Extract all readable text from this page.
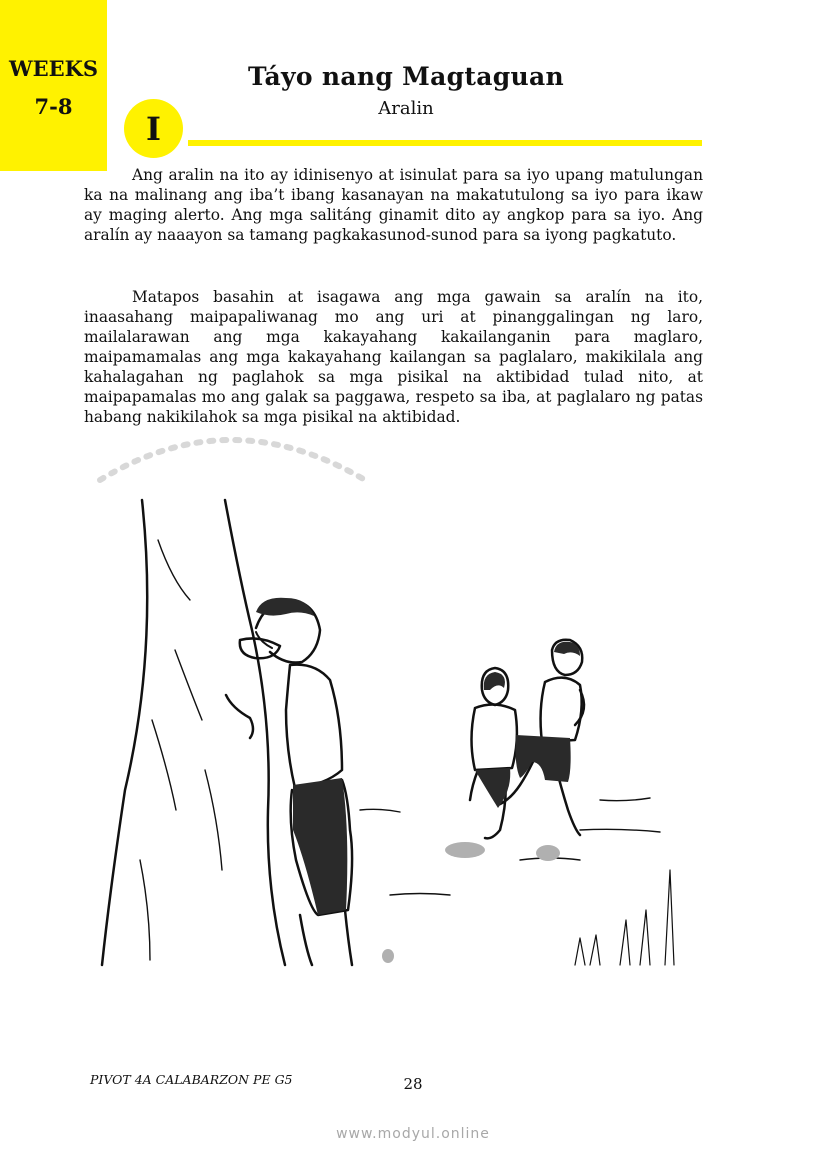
WEEKS
7-8
Táyo nang Magtaguan
Aralin
I

Ang aralin na ito ay idinisenyo at isinulat para sa iyo upang matulungan ka na malinang ang iba’t ibang kasanayan na makatutulong sa iyo para ikaw ay maging alerto. Ang mga salitáng ginamit dito ay angkop para sa iyo. Ang aralín ay naaayon sa tamang pagkakasunod-sunod para sa iyong pagkatuto.

Matapos basahin at isagawa ang mga gawain sa aralín na ito, inaasahang maipapaliwanag mo ang uri at pinanggalingan ng laro, mailalarawan ang mga kakayahang kakailanganin para maglaro, maipamamalas ang mga kakayahang kailangan sa paglalaro, makikilala ang kahalagahan ng paglahok sa mga pisikal na aktibidad tulad nito, at maipapamalas mo ang galak sa paggawa, respeto sa iba, at paglalaro ng patas habang nakikilahok sa mga pisikal na aktibidad.

PIVOT 4A CALABARZON PE G5	28
www.modyul.online
